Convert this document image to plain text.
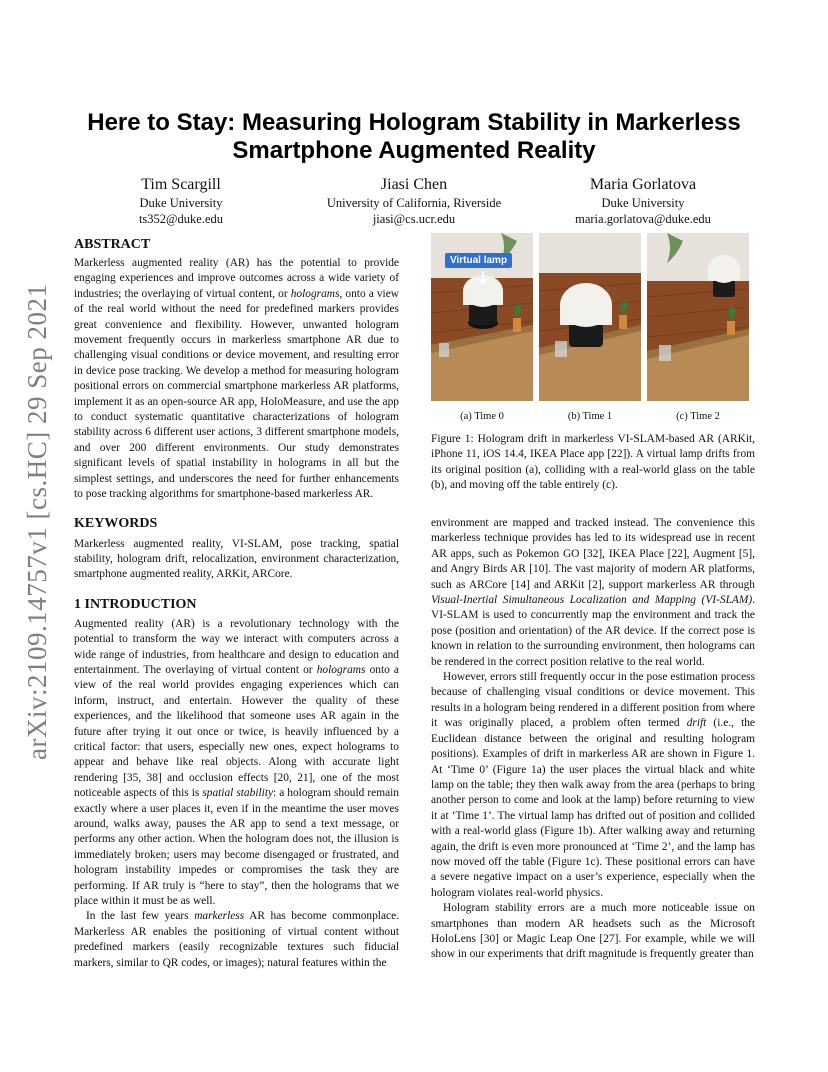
arXiv:2109.14757v1 [cs.HC] 29 Sep 2021
Here to Stay: Measuring Hologram Stability in Markerless Smartphone Augmented Reality
Tim Scargill
Duke University
ts352@duke.edu
Jiasi Chen
University of California, Riverside
jiasi@cs.ucr.edu
Maria Gorlatova
Duke University
maria.gorlatova@duke.edu
ABSTRACT

Markerless augmented reality (AR) has the potential to provide engaging experiences and improve outcomes across a wide variety of industries; the overlaying of virtual content, or holograms, onto a view of the real world without the need for predefined markers provides great convenience and flexibility. However, unwanted hologram movement frequently occurs in markerless smartphone AR due to challenging visual conditions or device movement, and resulting error in device pose tracking. We develop a method for measuring hologram positional errors on commercial smartphone markerless AR platforms, implement it as an open-source AR app, HoloMeasure, and use the app to conduct systematic quantitative characterizations of hologram stability across 6 different user actions, 3 different smartphone models, and over 200 different environments. Our study demonstrates significant levels of spatial instability in holograms in all but the simplest settings, and underscores the need for further enhancements to pose tracking algorithms for smartphone-based markerless AR.

KEYWORDS

Markerless augmented reality, VI-SLAM, pose tracking, spatial stability, hologram drift, relocalization, environment characterization, smartphone augmented reality, ARKit, ARCore.

1 INTRODUCTION

Augmented reality (AR) is a revolutionary technology with the potential to transform the way we interact with computers across a wide range of industries, from healthcare and design to education and entertainment. The overlaying of virtual content or holograms onto a view of the real world provides engaging experiences which can inform, instruct, and entertain. However the quality of these experiences, and the likelihood that someone uses AR again in the future after trying it out once or twice, is heavily influenced by a critical factor: that users, especially new ones, expect holograms to appear and behave like real objects. Along with accurate light rendering [35, 38] and occlusion effects [20, 21], one of the most noticeable aspects of this is spatial stability: a hologram should remain exactly where a user places it, even if in the meantime the user moves around, walks away, pauses the AR app to send a text message, or performs any other action. When the hologram does not, the illusion is immediately broken; users may become disengaged or frustrated, and hologram instability impedes or compromises the task they are performing. If AR truly is “here to stay”, then the holograms that we place within it must be as well.

In the last few years markerless AR has become commonplace. Markerless AR enables the positioning of virtual content without predefined markers (easily recognizable textures such fiducial markers, similar to QR codes, or images); natural features within the

Virtual lamp
(a) Time 0	(b) Time 1	(c) Time 2
Figure 1: Hologram drift in markerless VI-SLAM-based AR (ARKit, iPhone 11, iOS 14.4, IKEA Place app [22]). A virtual lamp drifts from its original position (a), colliding with a real-world glass on the table (b), and moving off the table entirely (c).

environment are mapped and tracked instead. The convenience this markerless technique provides has led to its widespread use in recent AR apps, such as Pokemon GO [32], IKEA Place [22], Augment [5], and Angry Birds AR [10]. The vast majority of modern AR platforms, such as ARCore [14] and ARKit [2], support markerless AR through Visual-Inertial Simultaneous Localization and Mapping (VI-SLAM). VI-SLAM is used to concurrently map the environment and track the pose (position and orientation) of the AR device. If the correct pose is known in relation to the surrounding environment, then holograms can be rendered in the correct position relative to the real world.

However, errors still frequently occur in the pose estimation process because of challenging visual conditions or device movement. This results in a hologram being rendered in a different position from where it was originally placed, a problem often termed drift (i.e., the Euclidean distance between the original and resulting hologram positions). Examples of drift in markerless AR are shown in Figure 1. At ‘Time 0’ (Figure 1a) the user places the virtual black and white lamp on the table; they then walk away from the area (perhaps to bring another person to come and look at the lamp) before returning to view it at ‘Time 1’. The virtual lamp has drifted out of position and collided with a real-world glass (Figure 1b). After walking away and returning again, the drift is even more pronounced at ‘Time 2’, and the lamp has now moved off the table (Figure 1c). These positional errors can have a severe negative impact on a user’s experience, especially when the hologram violates real-world physics.

Hologram stability errors are a much more noticeable issue on smartphones than modern AR headsets such as the Microsoft HoloLens [30] or Magic Leap One [27]. For example, while we will show in our experiments that drift magnitude is frequently greater than
